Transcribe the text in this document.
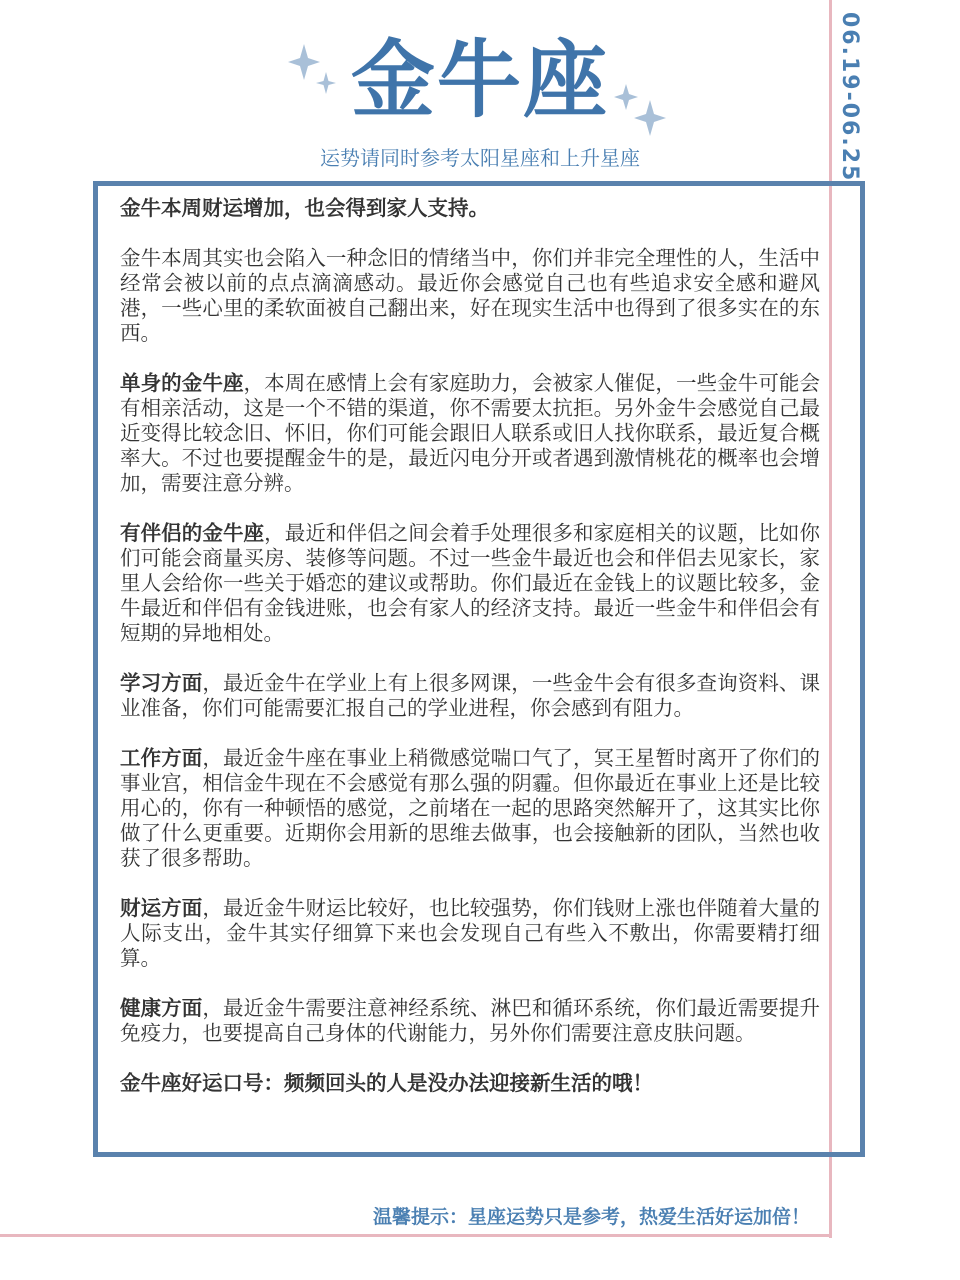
金牛座
运势请同时参考太阳星座和上升星座	06.19-06.25

金牛本周财运增加，也会得到家人支持。

金牛本周其实也会陷入一种念旧的情绪当中，你们并非完全理性的人，生活中经常会被以前的点点滴滴感动。最近你会感觉自己也有些追求安全感和避风港，一些心里的柔软面被自己翻出来，好在现实生活中也得到了很多实在的东西。

单身的金牛座，本周在感情上会有家庭助力，会被家人催促，一些金牛可能会有相亲活动，这是一个不错的渠道，你不需要太抗拒。另外金牛会感觉自己最近变得比较念旧、怀旧，你们可能会跟旧人联系或旧人找你联系，最近复合概率大。不过也要提醒金牛的是，最近闪电分开或者遇到激情桃花的概率也会增加，需要注意分辨。

有伴侣的金牛座，最近和伴侣之间会着手处理很多和家庭相关的议题，比如你们可能会商量买房、装修等问题。不过一些金牛最近也会和伴侣去见家长，家里人会给你一些关于婚恋的建议或帮助。你们最近在金钱上的议题比较多，金牛最近和伴侣有金钱进账，也会有家人的经济支持。最近一些金牛和伴侣会有短期的异地相处。

学习方面，最近金牛在学业上有上很多网课，一些金牛会有很多查询资料、课业准备，你们可能需要汇报自己的学业进程，你会感到有阻力。

工作方面，最近金牛座在事业上稍微感觉喘口气了，冥王星暂时离开了你们的事业宫，相信金牛现在不会感觉有那么强的阴霾。但你最近在事业上还是比较用心的，你有一种顿悟的感觉，之前堵在一起的思路突然解开了，这其实比你做了什么更重要。近期你会用新的思维去做事，也会接触新的团队，当然也收获了很多帮助。

财运方面，最近金牛财运比较好，也比较强势，你们钱财上涨也伴随着大量的人际支出，金牛其实仔细算下来也会发现自己有些入不敷出，你需要精打细算。

健康方面，最近金牛需要注意神经系统、淋巴和循环系统，你们最近需要提升免疫力，也要提高自己身体的代谢能力，另外你们需要注意皮肤问题。

金牛座好运口号：频频回头的人是没办法迎接新生活的哦！

温馨提示：星座运势只是参考，热爱生活好运加倍！
